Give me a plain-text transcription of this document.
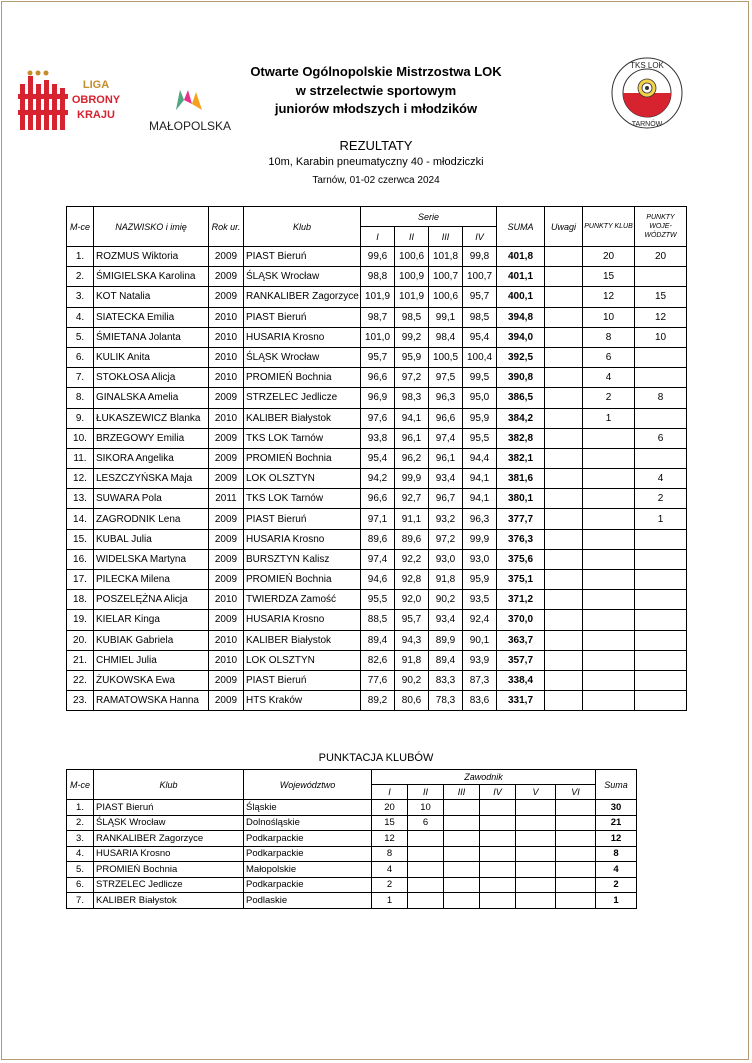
LIGA
OBRONY
KRAJU
MAŁOPOLSKA
TKS LOK
TARNÓW
Otwarte Ogólnopolskie Mistrzostwa LOK
w strzelectwie sportowym
juniorów młodszych i młodzików
REZULTATY
10m, Karabin pneumatyczny 40 - młodziczki
Tarnów, 01-02 czerwca 2024
M-ce	NAZWISKO i imię	Rok ur.	Klub	Serie				SUMA	Uwagi	PUNKTY KLUB	PUNKTY WOJE-WÓDZTW
				I	II	III	IV				
1.	ROZMUS Wiktoria	2009	PIAST Bieruń	99,6	100,6	101,8	99,8	401,8		20	20
2.	ŚMIGIELSKA Karolina	2009	ŚLĄSK Wrocław	98,8	100,9	100,7	100,7	401,1		15	
3.	KOT Natalia	2009	RANKALIBER Zagorzyce	101,9	101,9	100,6	95,7	400,1		12	15
4.	SIATECKA Emilia	2010	PIAST Bieruń	98,7	98,5	99,1	98,5	394,8		10	12
5.	ŚMIETANA Jolanta	2010	HUSARIA Krosno	101,0	99,2	98,4	95,4	394,0		8	10
6.	KULIK Anita	2010	ŚLĄSK Wrocław	95,7	95,9	100,5	100,4	392,5		6	
7.	STOKŁOSA Alicja	2010	PROMIEŃ Bochnia	96,6	97,2	97,5	99,5	390,8		4	
8.	GINALSKA Amelia	2009	STRZELEC Jedlicze	96,9	98,3	96,3	95,0	386,5		2	8
9.	ŁUKASZEWICZ Blanka	2010	KALIBER Białystok	97,6	94,1	96,6	95,9	384,2		1	
10.	BRZEGOWY Emilia	2009	TKS LOK Tarnów	93,8	96,1	97,4	95,5	382,8			6
11.	SIKORA Angelika	2009	PROMIEŃ Bochnia	95,4	96,2	96,1	94,4	382,1			
12.	LESZCZYŃSKA Maja	2009	LOK OLSZTYN	94,2	99,9	93,4	94,1	381,6			4
13.	SUWARA Pola	2011	TKS LOK Tarnów	96,6	92,7	96,7	94,1	380,1			2
14.	ZAGRODNIK Lena	2009	PIAST Bieruń	97,1	91,1	93,2	96,3	377,7			1
15.	KUBAL Julia	2009	HUSARIA Krosno	89,6	89,6	97,2	99,9	376,3			
16.	WIDELSKA Martyna	2009	BURSZTYN Kalisz	97,4	92,2	93,0	93,0	375,6			
17.	PILECKA Milena	2009	PROMIEŃ Bochnia	94,6	92,8	91,8	95,9	375,1			
18.	POSZELĘŻNA Alicja	2010	TWIERDZA Zamość	95,5	92,0	90,2	93,5	371,2			
19.	KIELAR Kinga	2009	HUSARIA Krosno	88,5	95,7	93,4	92,4	370,0			
20.	KUBIAK Gabriela	2010	KALIBER Białystok	89,4	94,3	89,9	90,1	363,7			
21.	CHMIEL Julia	2010	LOK OLSZTYN	82,6	91,8	89,4	93,9	357,7			
22.	ŻUKOWSKA Ewa	2009	PIAST Bieruń	77,6	90,2	83,3	87,3	338,4			
23.	RAMATOWSKA Hanna	2009	HTS Kraków	89,2	80,6	78,3	83,6	331,7			
PUNKTACJA KLUBÓW
M-ce	Klub	Województwo	Zawodnik						Suma
			I	II	III	IV	V	VI	
1.	PIAST Bieruń	Śląskie	20	10					30
2.	ŚLĄSK Wrocław	Dolnośląskie	15	6					21
3.	RANKALIBER Zagorzyce	Podkarpackie	12						12
4.	HUSARIA Krosno	Podkarpackie	8						8
5.	PROMIEŃ Bochnia	Małopolskie	4						4
6.	STRZELEC Jedlicze	Podkarpackie	2						2
7.	KALIBER Białystok	Podlaskie	1						1
